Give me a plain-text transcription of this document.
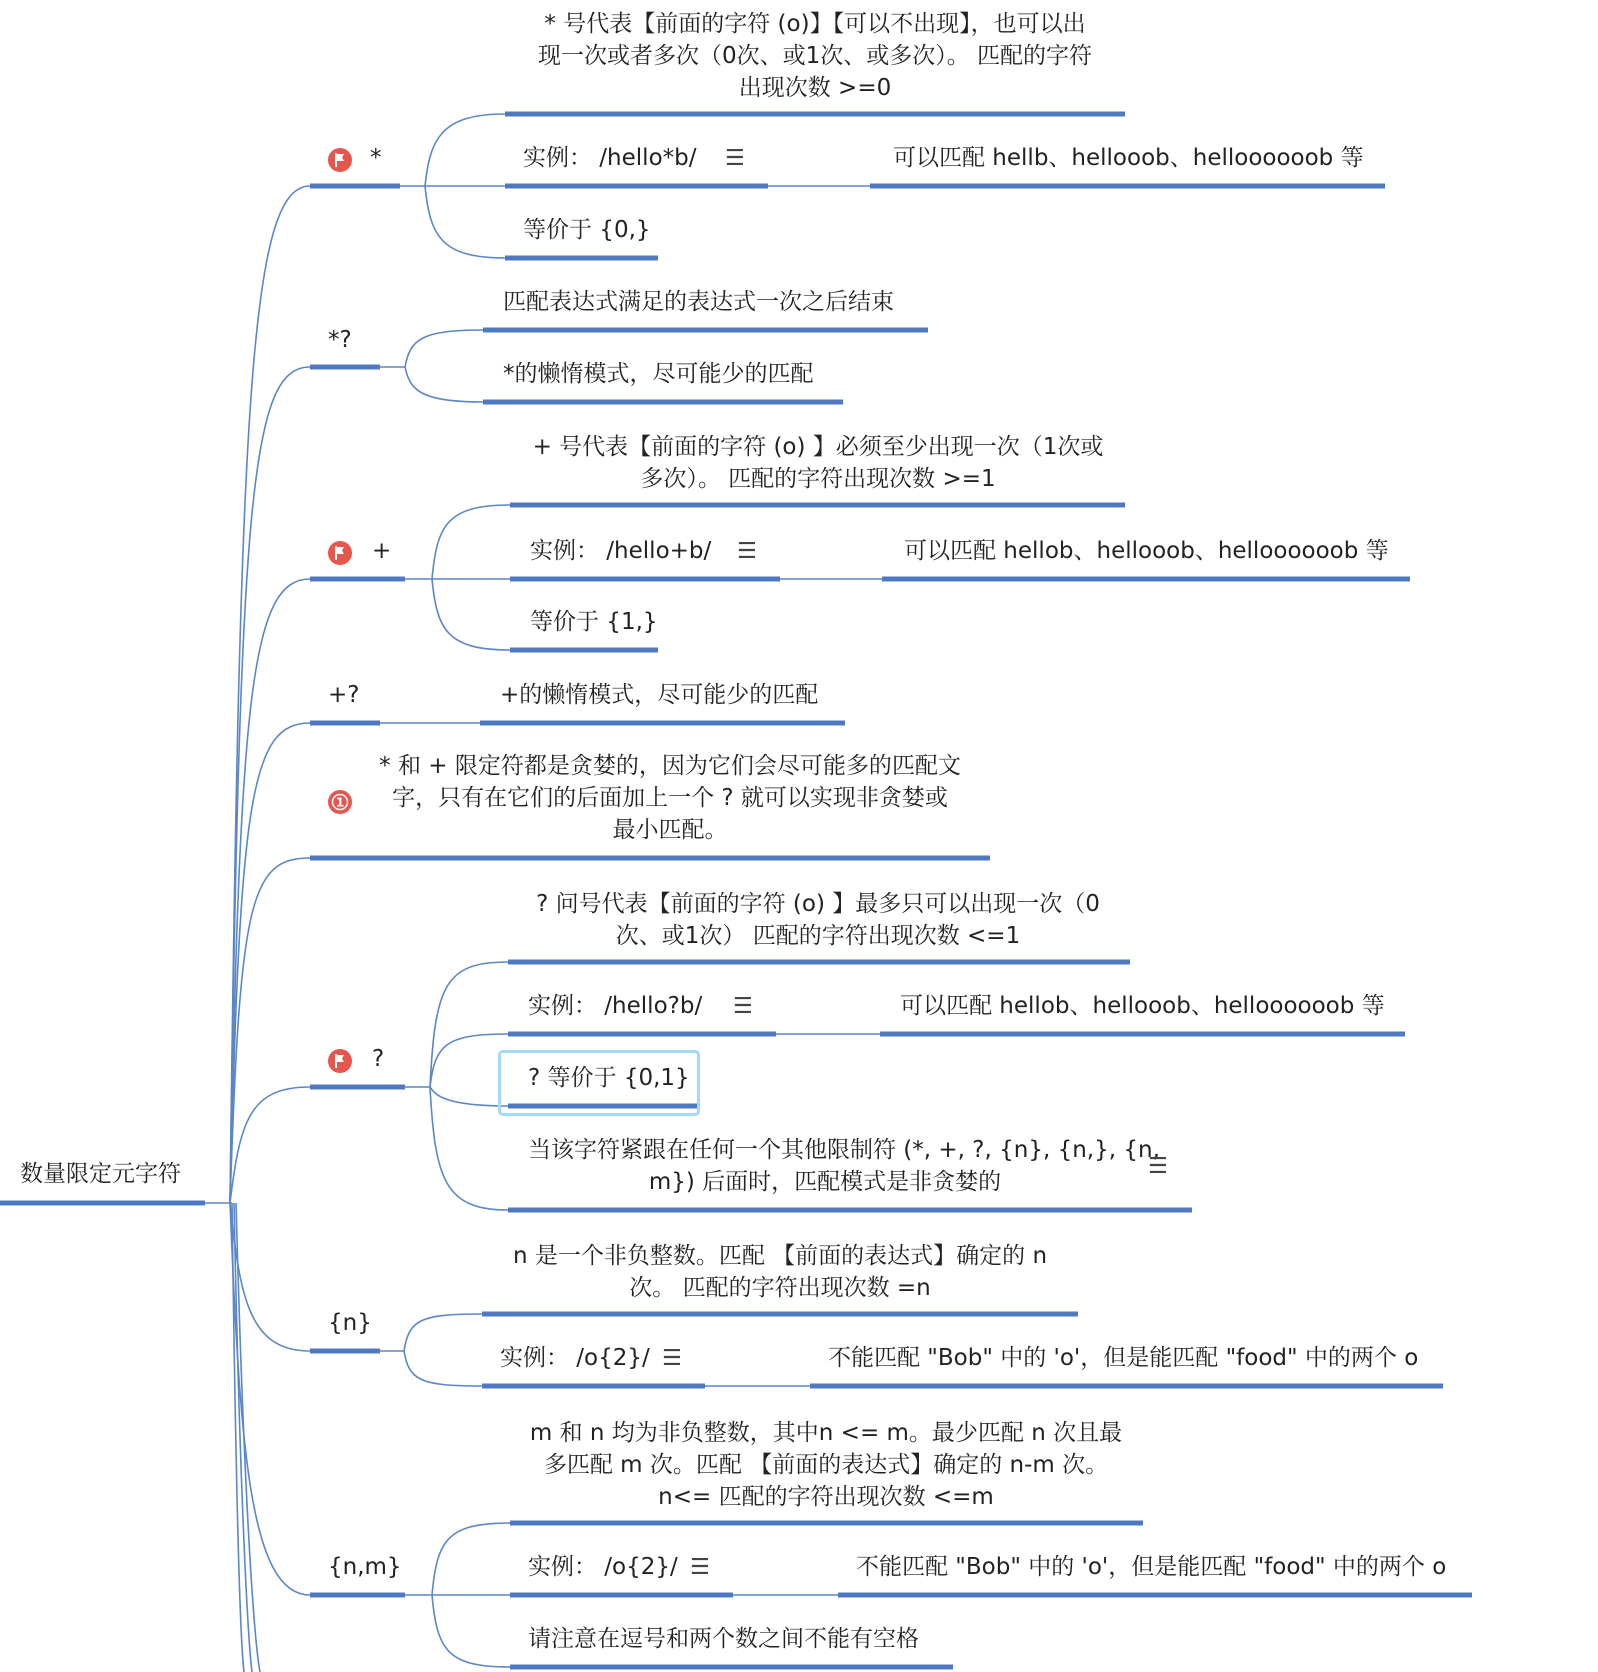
数量限定元字符
*
* 号代表【前面的字符 (o)】【可以不出现】，也可以出
现一次或者多次（0次、或1次、或多次）。 匹配的字符
出现次数 >=0
实例： /hello*b/ ☰	可以匹配 hellb、hellooob、helloooooob 等
等价于 {0,}
*?
匹配表达式满足的表达式一次之后结束
*的懒惰模式，尽可能少的匹配
+
+ 号代表【前面的字符 (o) 】必须至少出现一次（1次或
多次）。 匹配的字符出现次数 >=1
实例： /hello+b/ ☰	可以匹配 hellob、hellooob、helloooooob 等
等价于 {1,}
+?	+的懒惰模式，尽可能少的匹配
1
* 和 + 限定符都是贪婪的，因为它们会尽可能多的匹配文
字，只有在它们的后面加上一个 ? 就可以实现非贪婪或
最小匹配。
?
? 问号代表【前面的字符 (o) 】最多只可以出现一次（0
次、或1次） 匹配的字符出现次数 <=1
实例： /hello?b/ ☰	可以匹配 hellob、hellooob、helloooooob 等
? 等价于 {0,1}
当该字符紧跟在任何一个其他限制符 (*, +, ?, {n}, {n,}, {n,
m}) 后面时，匹配模式是非贪婪的
☰
{n}
n 是一个非负整数。匹配 【前面的表达式】确定的 n
次。 匹配的字符出现次数 =n
实例： /o{2}/ ☰	不能匹配 "Bob" 中的 'o'，但是能匹配 "food" 中的两个 o
{n,m}
m 和 n 均为非负整数，其中n <= m。最少匹配 n 次且最
多匹配 m 次。匹配 【前面的表达式】确定的 n-m 次。
n<= 匹配的字符出现次数 <=m
实例： /o{2}/ ☰	不能匹配 "Bob" 中的 'o'，但是能匹配 "food" 中的两个 o
请注意在逗号和两个数之间不能有空格
